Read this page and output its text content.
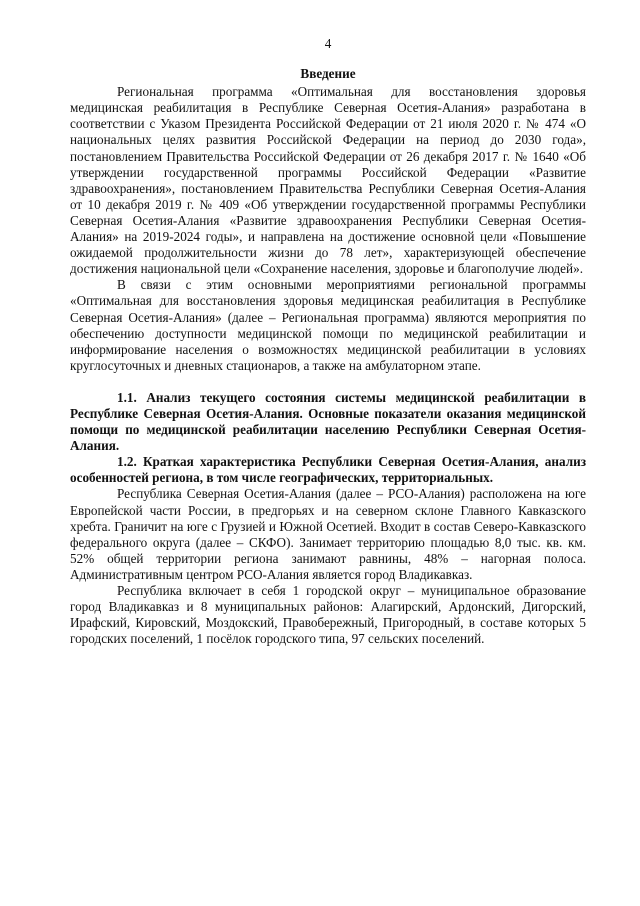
4
Введение

Региональная программа «Оптимальная для восстановления здоровья медицинская реабилитация в Республике Северная Осетия-Алания» разработана в соответствии с Указом Президента Российской Федерации от 21 июля 2020 г. № 474 «О национальных целях развития Российской Федерации на период до 2030 года», постановлением Правительства Российской Федерации от 26 декабря 2017 г. № 1640 «Об утверждении государственной программы Российской Федерации «Развитие здравоохранения», постановлением Правительства Республики Северная Осетия-Алания от 10 декабря 2019 г. № 409 «Об утверждении государственной программы Республики Северная Осетия-Алания «Развитие здравоохранения Республики Северная Осетия-Алания» на 2019-2024 годы», и направлена на достижение основной цели «Повышение ожидаемой продолжительности жизни до 78 лет», характеризующей обеспечение достижения национальной цели «Сохранение населения, здоровье и благополучие людей».

В связи с этим основными мероприятиями региональной программы «Оптимальная для восстановления здоровья медицинская реабилитация в Республике Северная Осетия-Алания» (далее – Региональная программа) являются мероприятия по обеспечению доступности медицинской помощи по медицинской реабилитации и информирование населения о возможностях медицинской реабилитации в условиях круглосуточных и дневных стационаров, а также на амбулаторном этапе.

1.1. Анализ текущего состояния системы медицинской реабилитации в Республике Северная Осетия-Алания. Основные показатели оказания медицинской помощи по медицинской реабилитации населению Республики Северная Осетия-Алания.

1.2. Краткая характеристика Республики Северная Осетия-Алания, анализ особенностей региона, в том числе географических, территориальных.

Республика Северная Осетия-Алания (далее – РСО-Алания) расположена на юге Европейской части России, в предгорьях и на северном склоне Главного Кавказского хребта. Граничит на юге с Грузией и Южной Осетией. Входит в состав Северо-Кавказского федерального округа (далее – СКФО). Занимает территорию площадью 8,0 тыс. кв. км. 52% общей территории региона занимают равнины, 48% – нагорная полоса. Административным центром РСО-Алания является город Владикавказ.

Республика включает в себя 1 городской округ – муниципальное образование город Владикавказ и 8 муниципальных районов: Алагирский, Ардонский, Дигорский, Ирафский, Кировский, Моздокский, Правобережный, Пригородный, в составе которых 5 городских поселений, 1 посёлок городского типа, 97 сельских поселений.
